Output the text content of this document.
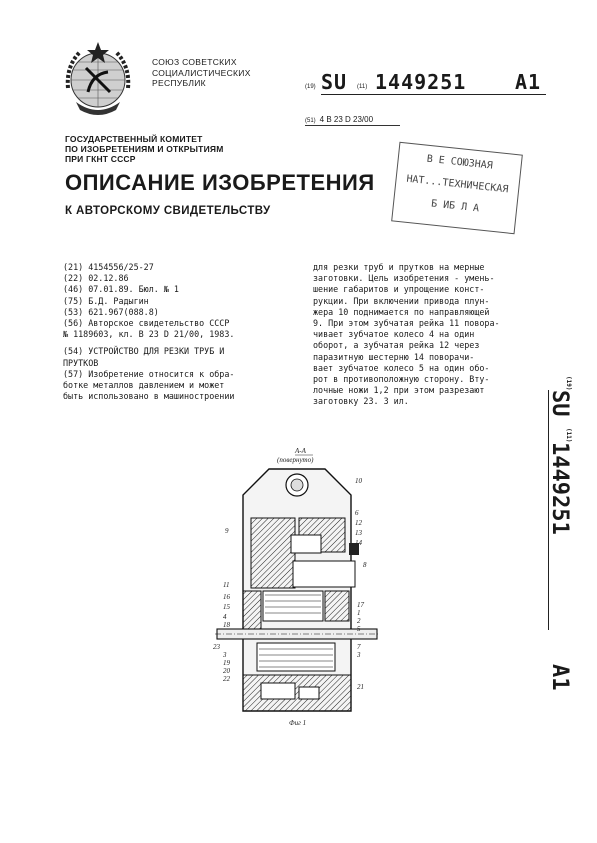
СОЮЗ СОВЕТСКИХ
СОЦИАЛИСТИЧЕСКИХ
РЕСПУБЛИК	(19) SU (11) 1449251 A1
(51) 4 B 23 D 23/00
ГОСУДАРСТВЕННЫЙ КОМИТЕТ
ПО ИЗОБРЕТЕНИЯМ И ОТКРЫТИЯМ
ПРИ ГКНТ СССР
ОПИСАНИЕ ИЗОБРЕТЕНИЯ
К АВТОРСКОМУ СВИДЕТЕЛЬСТВУ
В Е СОЮЗНАЯ
НАТ...ТЕХНИЧЕСКАЯ
Б ИБ Л А
(21) 4154556/25-27
(22) 02.12.86
(46) 07.01.89. Бюл. № 1
(75) Б.Д. Радыгин
(53) 621.967(088.8)
(56) Авторское свидетельство СССР
№ 1189603, кл. B 23 D 21/00, 1983.
(54) УСТРОЙСТВО ДЛЯ РЕЗКИ ТРУБ И
ПРУТКОВ
(57) Изобретение относится к обра-
ботке металлов давлением и может
быть использовано в машиностроении
для резки труб и прутков на мерные
заготовки. Цель изобретения - умень-
шение габаритов и упрощение конст-
рукции. При включении привода плун-
жера 10 поднимается по направляющей
9. При этом зубчатая рейка 11 повора-
чивает зубчатое колесо 4 на один
оборот, а зубчатая рейка 12 через
паразитную шестерню 14 поворачи-
вает зубчатое колесо 5 на один обо-
рот в противоположную сторону. Вту-
лочные ножи 1,2 при этом разрезают
заготовку 23. 3 ил.
(19)
SU
(11)
1449251
A1
А-А
(повернуто)
10
6
12
13
14
8
17
1
2
5
7
3
21
9
11
16
15
4
18
23
3
19
20
22
Фиг 1
